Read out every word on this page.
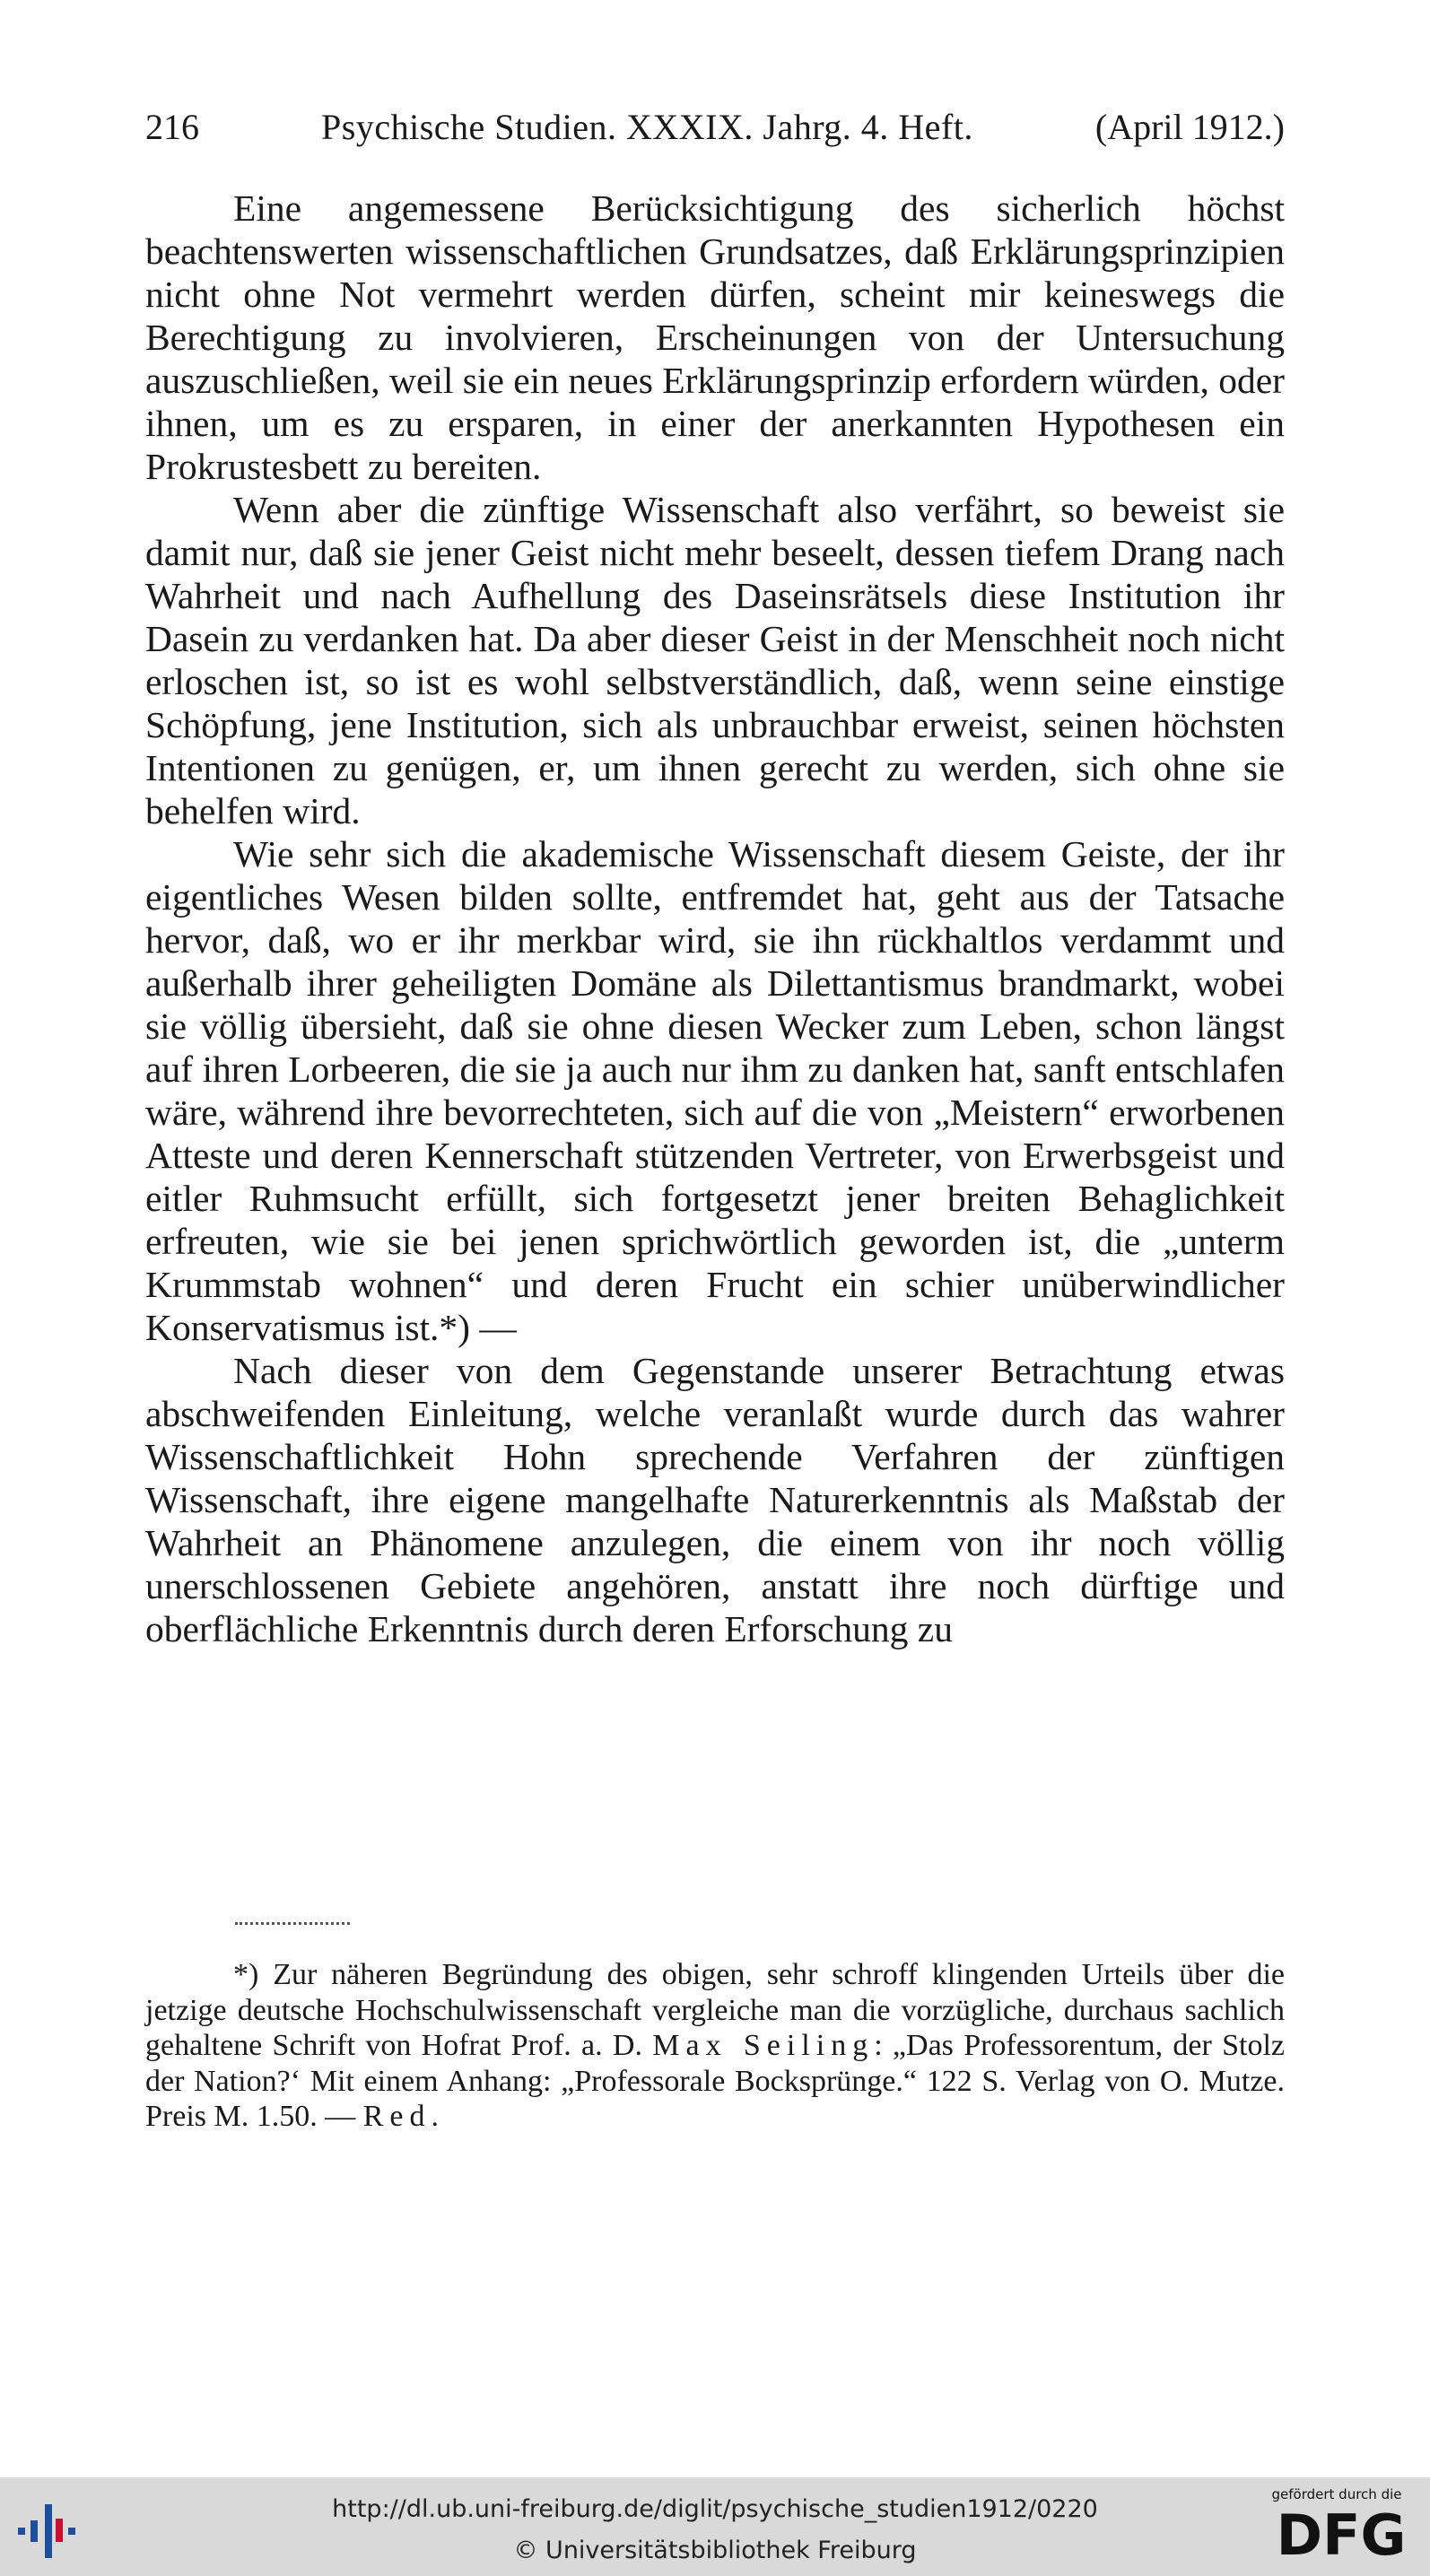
216	Psychische Studien. XXXIX. Jahrg. 4. Heft.	(April 1912.)

Eine angemessene Berücksichtigung des sicherlich höchst beachtenswerten wissenschaftlichen Grundsatzes, daß Erklärungsprinzipien nicht ohne Not vermehrt werden dürfen, scheint mir keineswegs die Berechtigung zu involvieren, Erscheinungen von der Untersuchung auszuschließen, weil sie ein neues Erklärungsprinzip erfordern würden, oder ihnen, um es zu ersparen, in einer der anerkannten Hypothesen ein Prokrustesbett zu bereiten.

Wenn aber die zünftige Wissenschaft also verfährt, so beweist sie damit nur, daß sie jener Geist nicht mehr beseelt, dessen tiefem Drang nach Wahrheit und nach Aufhellung des Daseinsrätsels diese Institution ihr Dasein zu verdanken hat. Da aber dieser Geist in der Menschheit noch nicht erloschen ist, so ist es wohl selbstverständlich, daß, wenn seine einstige Schöpfung, jene Institution, sich als unbrauchbar erweist, seinen höchsten Intentionen zu genügen, er, um ihnen gerecht zu werden, sich ohne sie behelfen wird.

Wie sehr sich die akademische Wissenschaft diesem Geiste, der ihr eigentliches Wesen bilden sollte, entfremdet hat, geht aus der Tatsache hervor, daß, wo er ihr merkbar wird, sie ihn rückhaltlos verdammt und außerhalb ihrer geheiligten Domäne als Dilettantismus brandmarkt, wobei sie völlig übersieht, daß sie ohne diesen Wecker zum Leben, schon längst auf ihren Lorbeeren, die sie ja auch nur ihm zu danken hat, sanft entschlafen wäre, während ihre bevorrechteten, sich auf die von „Meistern“ erworbenen Atteste und deren Kennerschaft stützenden Vertreter, von Erwerbsgeist und eitler Ruhmsucht erfüllt, sich fortgesetzt jener breiten Behaglichkeit erfreuten, wie sie bei jenen sprichwörtlich geworden ist, die „unterm Krummstab wohnen“ und deren Frucht ein schier unüberwindlicher Konservatismus ist.*) —

Nach dieser von dem Gegenstande unserer Betrachtung etwas abschweifenden Einleitung, welche veranlaßt wurde durch das wahrer Wissenschaftlichkeit Hohn sprechende Verfahren der zünftigen Wissenschaft, ihre eigene mangelhafte Naturerkenntnis als Maßstab der Wahrheit an Phänomene anzulegen, die einem von ihr noch völlig unerschlossenen Gebiete angehören, anstatt ihre noch dürftige und oberflächliche Erkenntnis durch deren Erforschung zu

*) Zur näheren Begründung des obigen, sehr schroff klingenden Urteils über die jetzige deutsche Hochschulwissenschaft vergleiche man die vorzügliche, durchaus sachlich gehaltene Schrift von Hofrat Prof. a. D. Max Seiling: „Das Professorentum, der Stolz der Nation?‘ Mit einem Anhang: „Professorale Bocksprünge.“ 122 S. Verlag von O. Mutze. Preis M. 1.50. — Red.
http://dl.ub.uni-freiburg.de/diglit/psychische_studien1912/0220
© Universitätsbibliothek Freiburg
gefördert durch die
DFG
